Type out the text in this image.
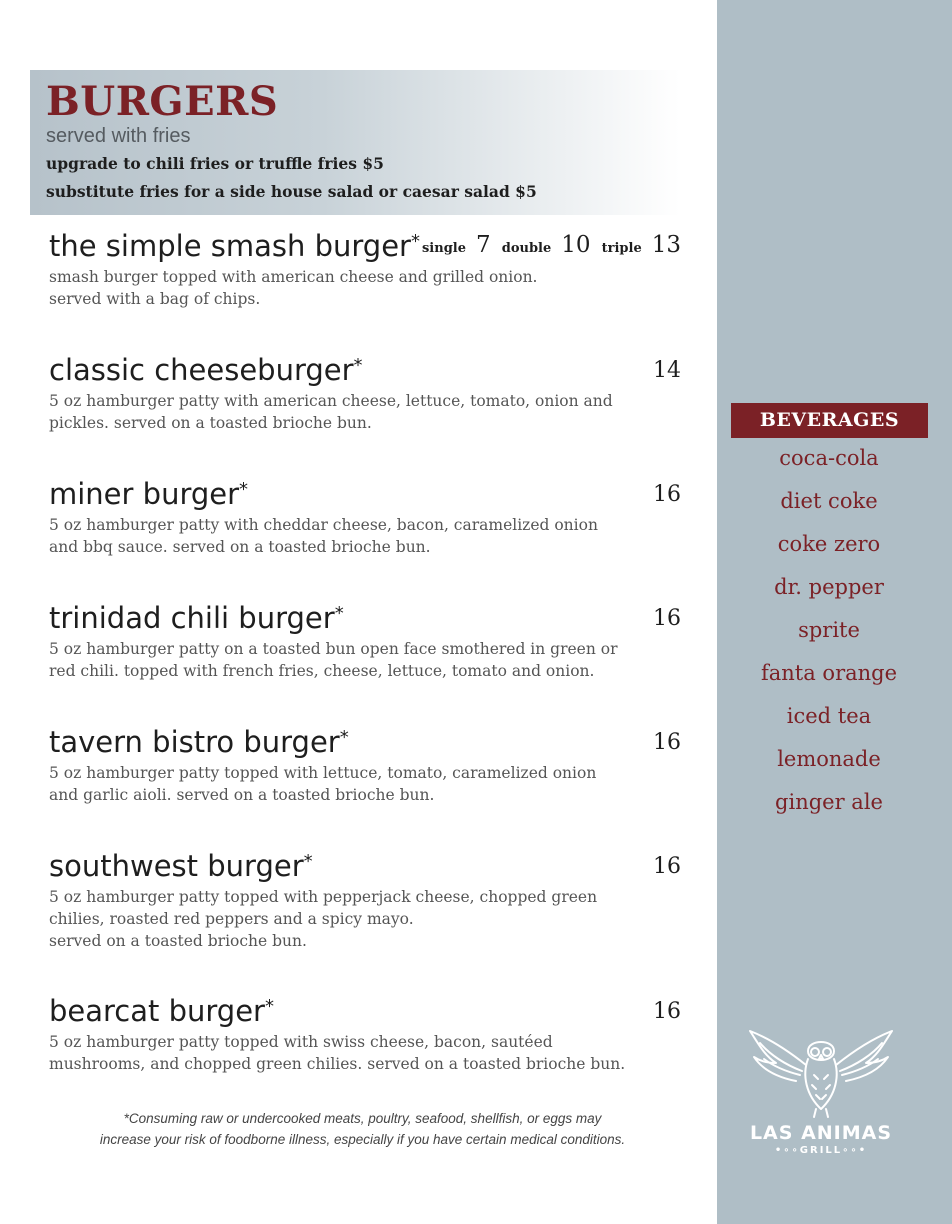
BURGERS
served with fries
upgrade to chili fries or truffle fries $5
substitute fries for a side house salad or caesar salad $5
the simple smash burger* single 7 double 10 triple 13
smash burger topped with american cheese and grilled onion.
served with a bag of chips.
classic cheeseburger*	14
5 oz hamburger patty with american cheese, lettuce, tomato, onion and
pickles. served on a toasted brioche bun.
miner burger*	16
5 oz hamburger patty with cheddar cheese, bacon, caramelized onion
and bbq sauce. served on a toasted brioche bun.
trinidad chili burger*	16
5 oz hamburger patty on a toasted bun open face smothered in green or
red chili. topped with french fries, cheese, lettuce, tomato and onion.
tavern bistro burger*	16
5 oz hamburger patty topped with lettuce, tomato, caramelized onion
and garlic aioli. served on a toasted brioche bun.
southwest burger*	16
5 oz hamburger patty topped with pepperjack cheese, chopped green
chilies, roasted red peppers and a spicy mayo.
served on a toasted brioche bun.
bearcat burger*	16
5 oz hamburger patty topped with swiss cheese, bacon, sautéed
mushrooms, and chopped green chilies. served on a toasted brioche bun.
*Consuming raw or undercooked meats, poultry, seafood, shellfish, or eggs may
increase your risk of foodborne illness, especially if you have certain medical conditions.
BEVERAGES
coca-cola
diet coke
coke zero
dr. pepper
sprite
fanta orange
iced tea
lemonade
ginger ale
LAS ANIMAS
•∘∘GRILL∘∘•
